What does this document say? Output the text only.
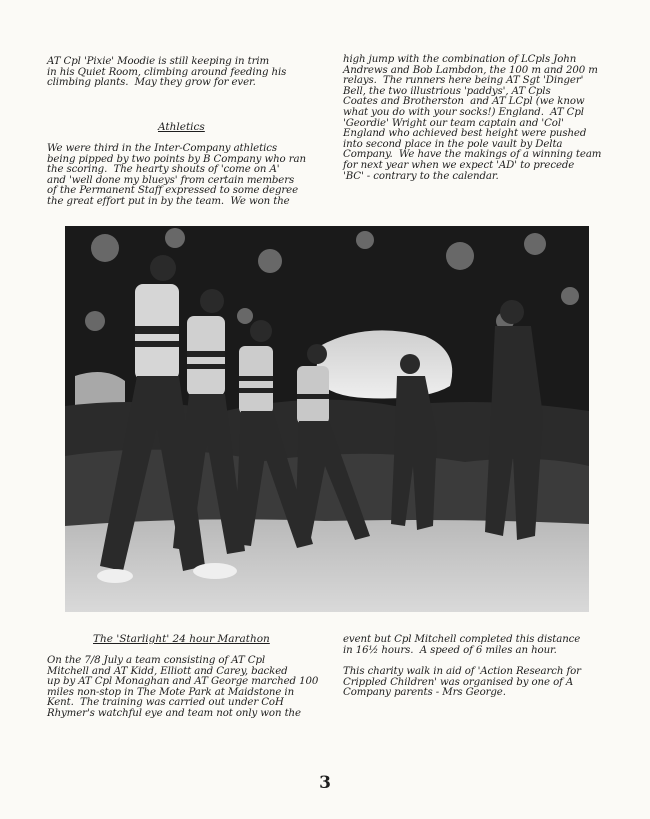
AT Cpl 'Pixie' Moodie is still keeping in trim

in his Quiet Room, climbing around feeding his

climbing plants.  May they grow for ever.

Athletics

We were third in the Inter-Company athletics

being pipped by two points by B Company who ran

the scoring.  The hearty shouts of 'come on A'

and 'well done my blueys' from certain members

of the Permanent Staff expressed to some degree

the great effort put in by the team.  We won the

high jump with the combination of LCpls John

Andrews and Bob Lambdon, the 100 m and 200 m

relays.  The runners here being AT Sgt 'Dinger'

Bell, the two illustrious 'paddys', AT Cpls

Coates and Brotherston  and AT LCpl (we know

what you do with your socks!) England.  AT Cpl

'Geordie' Wright our team captain and 'Col'

England who achieved best height were pushed

into second place in the pole vault by Delta

Company.  We have the makings of a winning team

for next year when we expect 'AD' to precede

'BC' - contrary to the calendar.

The 'Starlight' 24 hour Marathon

On the 7/8 July a team consisting of AT Cpl

Mitchell and AT Kidd, Elliott and Carey, backed

up by AT Cpl Monaghan and AT George marched 100

miles non-stop in The Mote Park at Maidstone in

Kent.  The training was carried out under CoH

Rhymer's watchful eye and team not only won the

event but Cpl Mitchell completed this distance

in 16½ hours.  A speed of 6 miles an hour.

This charity walk in aid of 'Action Research for

Crippled Children' was organised by one of A

Company parents - Mrs George.

3
